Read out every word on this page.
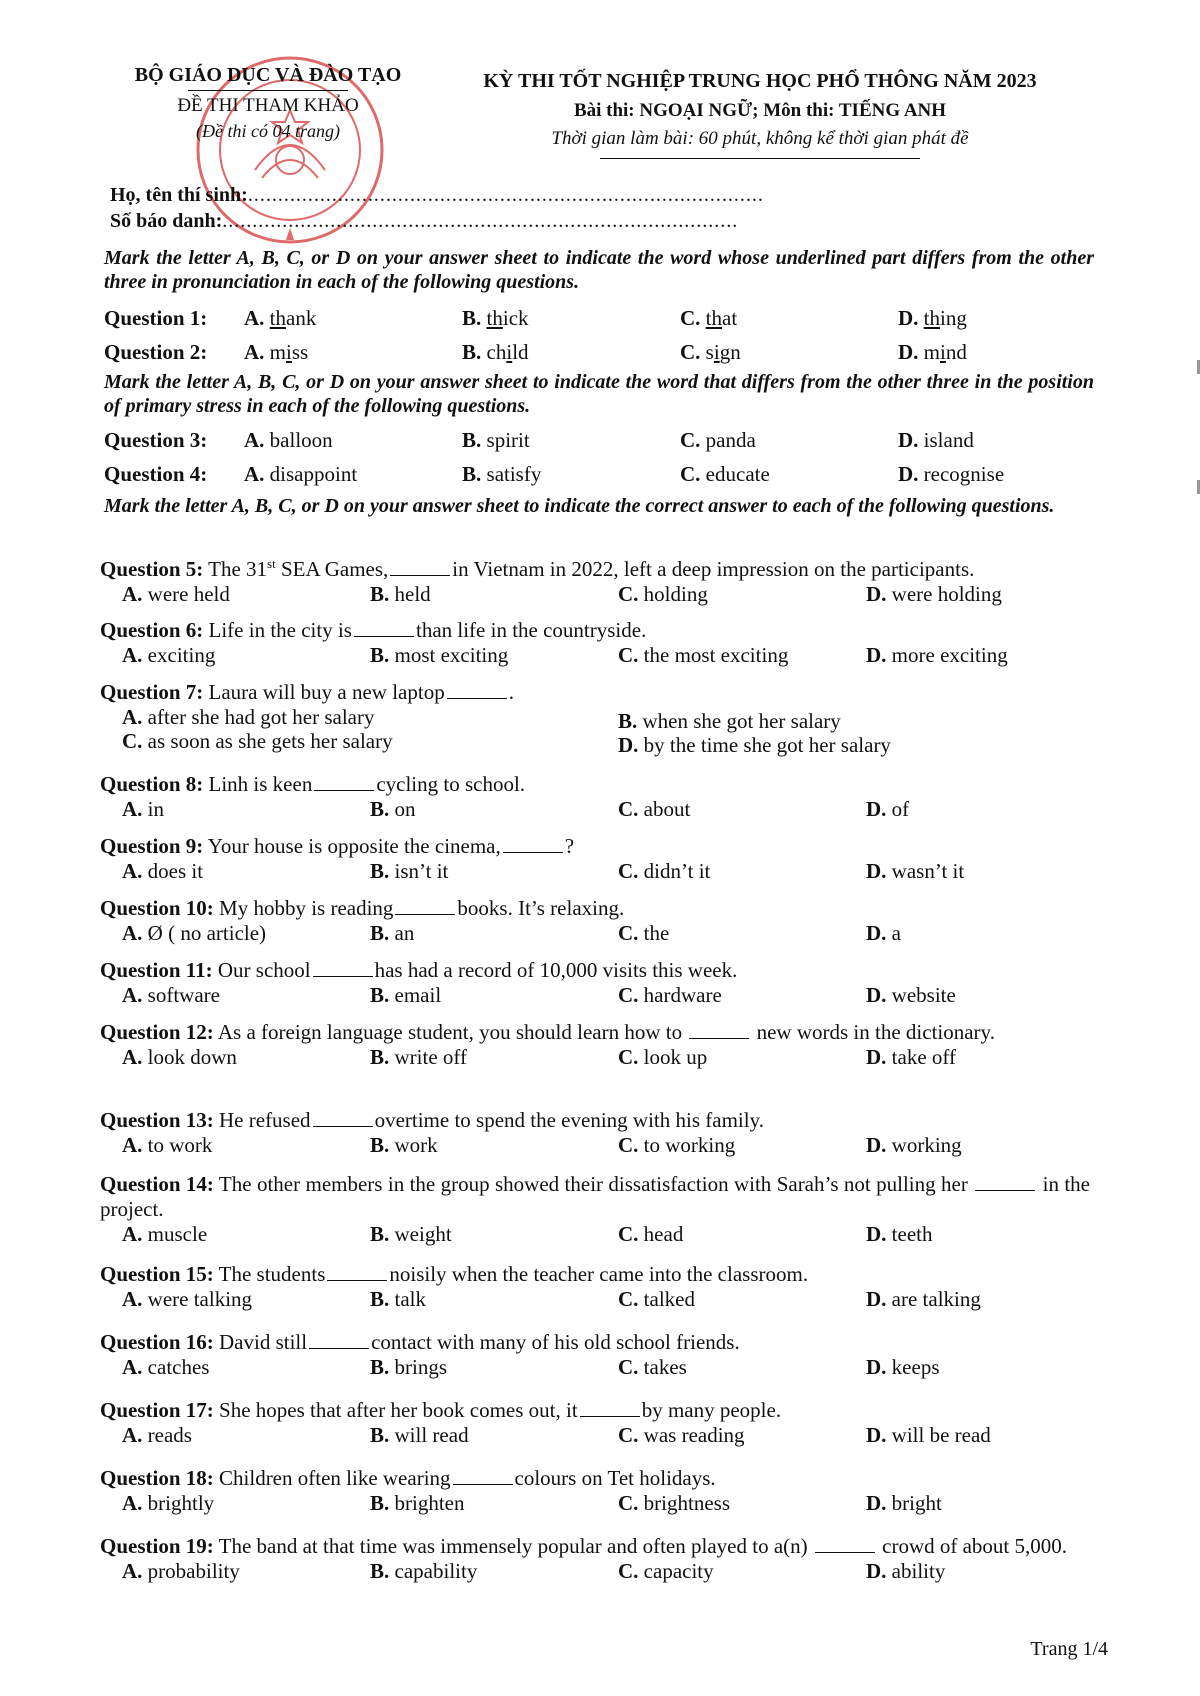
BỘ GIÁO DỤC VÀ ĐÀO TẠO
ĐỀ THI THAM KHẢO
(Đề thi có 04 trang)
KỲ THI TỐT NGHIỆP TRUNG HỌC PHỔ THÔNG NĂM 2023
Bài thi: NGOẠI NGỮ; Môn thi: TIẾNG ANH
Thời gian làm bài: 60 phút, không kể thời gian phát đề
Họ, tên thí sinh:......................................................................................
Số báo danh:......................................................................................
Mark the letter A, B, C, or D on your answer sheet to indicate the word whose underlined part differs from the other three in pronunciation in each of the following questions.
Question 1: A. thank	B. thick	C. that	D. thing
Question 2: A. miss	B. child	C. sign	D. mind
Mark the letter A, B, C, or D on your answer sheet to indicate the word that differs from the other three in the position of primary stress in each of the following questions.
Question 3: A. balloon	B. spirit	C. panda	D. island
Question 4: A. disappoint	B. satisfy	C. educate	D. recognise
Mark the letter A, B, C, or D on your answer sheet to indicate the correct answer to each of the following questions.
Question 5: The 31st SEA Games,	in Vietnam in 2022, left a deep impression on the participants.
A. were held	B. held	C. holding	D. were holding
Question 6: Life in the city is	than life in the countryside.
A. exciting	B. most exciting	C. the most exciting	D. more exciting
Question 7: Laura will buy a new laptop	.
A. after she had got her salary	B. when she got her salary
C. as soon as she gets her salary	D. by the time she got her salary
Question 8: Linh is keen	cycling to school.
A. in	B. on	C. about	D. of
Question 9: Your house is opposite the cinema,	?
A. does it	B. isn’t it	C. didn’t it	D. wasn’t it
Question 10: My hobby is reading	books. It’s relaxing.
A. Ø ( no article)	B. an	C. the	D. a
Question 11: Our school	has had a record of 10,000 visits this week.
A. software	B. email	C. hardware	D. website
Question 12: As a foreign language student, you should learn how to	new words in the dictionary.
A. look down	B. write off	C. look up	D. take off
Question 13: He refused	overtime to spend the evening with his family.
A. to work	B. work	C. to working	D. working
Question 14: The other members in the group showed their dissatisfaction with Sarah’s not pulling her	in the project.
A. muscle	B. weight	C. head	D. teeth
Question 15: The students	noisily when the teacher came into the classroom.
A. were talking	B. talk	C. talked	D. are talking
Question 16: David still	contact with many of his old school friends.
A. catches	B. brings	C. takes	D. keeps
Question 17: She hopes that after her book comes out, it	by many people.
A. reads	B. will read	C. was reading	D. will be read
Question 18: Children often like wearing	colours on Tet holidays.
A. brightly	B. brighten	C. brightness	D. bright
Question 19: The band at that time was immensely popular and often played to a(n)	crowd of about 5,000.
A. probability	B. capability	C. capacity	D. ability
Trang 1/4
